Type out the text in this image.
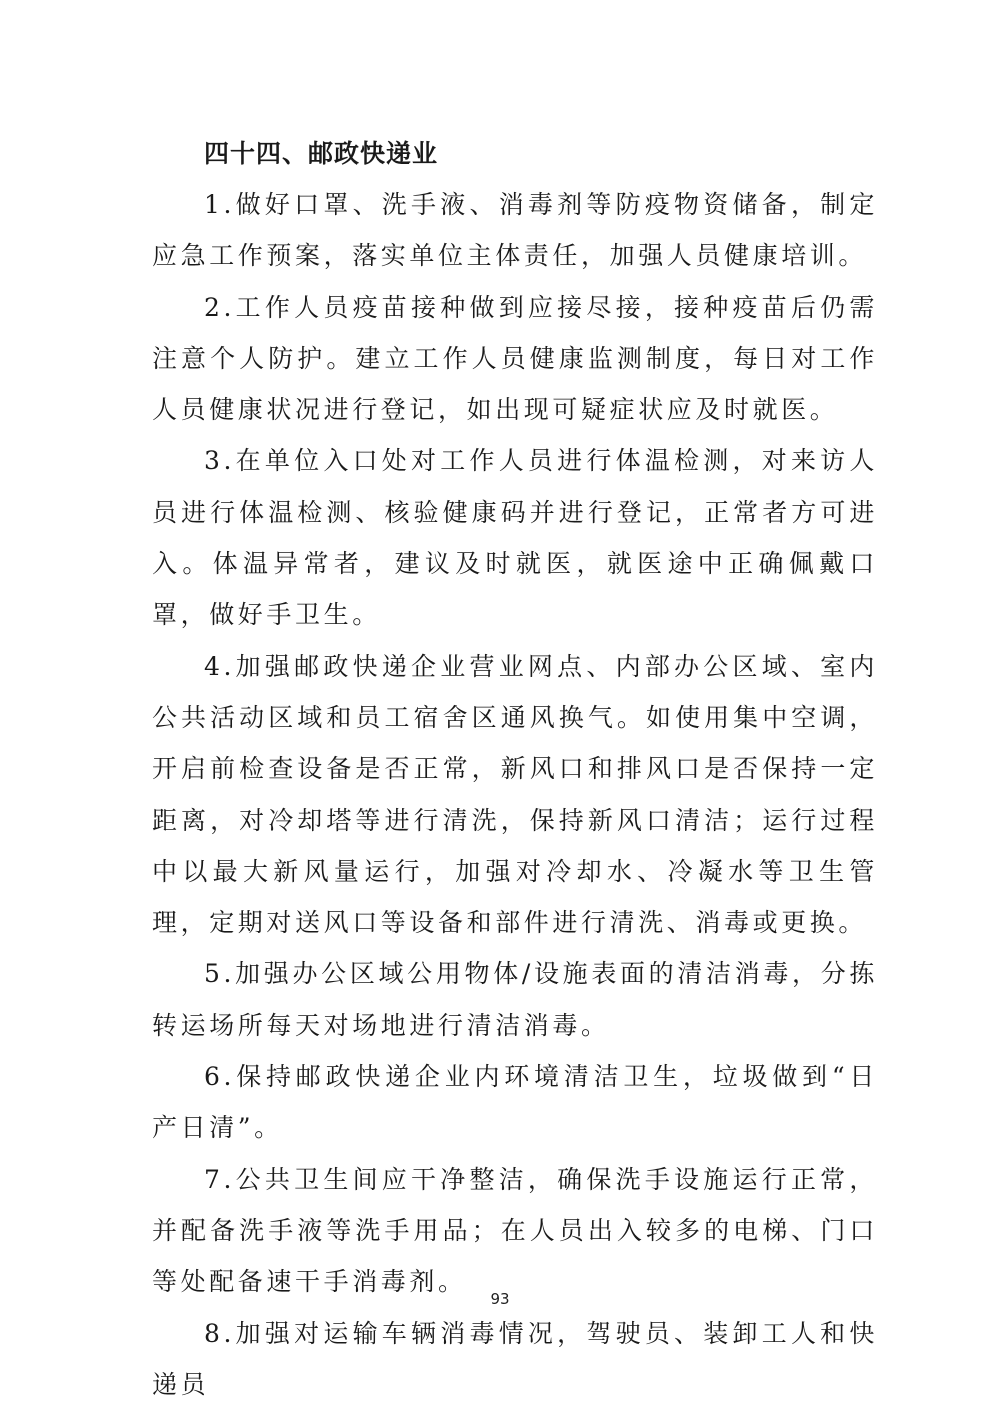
四十四、邮政快递业

1.做好口罩、洗手液、消毒剂等防疫物资储备，制定应急工作预案，落实单位主体责任，加强人员健康培训。

2.工作人员疫苗接种做到应接尽接，接种疫苗后仍需注意个人防护。建立工作人员健康监测制度，每日对工作人员健康状况进行登记，如出现可疑症状应及时就医。

3.在单位入口处对工作人员进行体温检测，对来访人员进行体温检测、核验健康码并进行登记，正常者方可进入。体温异常者，建议及时就医，就医途中正确佩戴口罩，做好手卫生。

4.加强邮政快递企业营业网点、内部办公区域、室内公共活动区域和员工宿舍区通风换气。如使用集中空调，开启前检查设备是否正常，新风口和排风口是否保持一定距离，对冷却塔等进行清洗，保持新风口清洁；运行过程中以最大新风量运行，加强对冷却水、冷凝水等卫生管理，定期对送风口等设备和部件进行清洗、消毒或更换。

5.加强办公区域公用物体/设施表面的清洁消毒，分拣转运场所每天对场地进行清洁消毒。

6.保持邮政快递企业内环境清洁卫生，垃圾做到“日产日清”。

7.公共卫生间应干净整洁，确保洗手设施运行正常，并配备洗手液等洗手用品；在人员出入较多的电梯、门口等处配备速干手消毒剂。

8.加强对运输车辆消毒情况，驾驶员、装卸工人和快递员

93
